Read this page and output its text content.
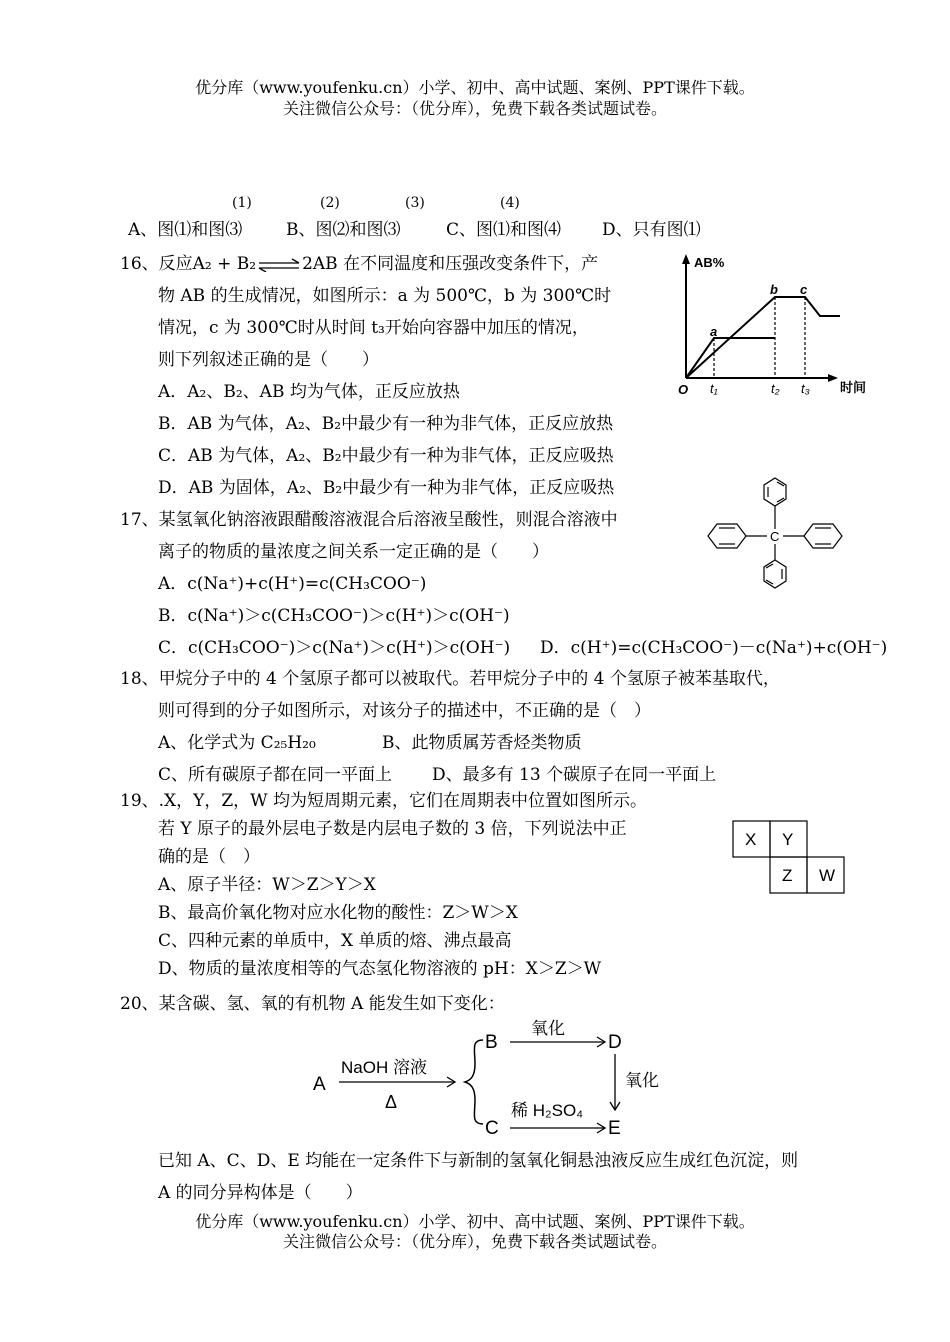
优分库（www.youfenku.cn）小学、初中、高中试题、案例、PPT课件下载。
关注微信公众号：（优分库），免费下载各类试题试卷。
(1)	(2)	(3)	(4)
A、图⑴和图⑶	B、图⑵和图⑶	C、图⑴和图⑷ D、只有图⑴
16、反应A₂ + B₂⇌2AB 在不同温度和压强改变条件下，产
物 AB 的生成情况，如图所示：a 为 500℃，b 为 300℃时
情况，c 为 300℃时从时间 t₃开始向容器中加压的情况，
则下列叙述正确的是（　　）
A．A₂、B₂、AB 均为气体，正反应放热
B．AB 为气体，A₂、B₂中最少有一种为非气体，正反应放热
C．AB 为气体，A₂、B₂中最少有一种为非气体，正反应吸热
D．AB 为固体，A₂、B₂中最少有一种为非气体，正反应吸热
AB%
时间
O
a
b c
t₁	t₂ t₃
17、某氢氧化钠溶液跟醋酸溶液混合后溶液呈酸性，则混合溶液中
离子的物质的量浓度之间关系一定正确的是（　　）
A．c(Na⁺)+c(H⁺)=c(CH₃COO⁻)
B．c(Na⁺)＞c(CH₃COO⁻)＞c(H⁺)＞c(OH⁻)
C．c(CH₃COO⁻)＞c(Na⁺)＞c(H⁺)＞c(OH⁻) D．c(H⁺)=c(CH₃COO⁻)－c(Na⁺)+c(OH⁻)
C
18、甲烷分子中的 4 个氢原子都可以被取代。若甲烷分子中的 4 个氢原子被苯基取代，
则可得到的分子如图所示，对该分子的描述中，不正确的是（　）
A、化学式为 C₂₅H₂₀	B、此物质属芳香烃类物质
C、所有碳原子都在同一平面上 D、最多有 13 个碳原子在同一平面上
19、.X，Y，Z，W 均为短周期元素，它们在周期表中位置如图所示。
若 Y 原子的最外层电子数是内层电子数的 3 倍，下列说法中正
确的是（　）
A、原子半径：W＞Z＞Y＞X
B、最高价氧化物对应水化物的酸性：Z＞W＞X
C、四种元素的单质中，X 单质的熔、沸点最高
D、物质的量浓度相等的气态氢化物溶液的 pH：X＞Z＞W
X Y
Z W
20、某含碳、氢、氧的有机物 A 能发生如下变化：
A
NaOH 溶液
Δ
B
C
氧化
D
氧化
稀 H₂SO₄
E
已知 A、C、D、E 均能在一定条件下与新制的氢氧化铜悬浊液反应生成红色沉淀，则
A 的同分异构体是（　　）
优分库（www.youfenku.cn）小学、初中、高中试题、案例、PPT课件下载。
关注微信公众号：（优分库），免费下载各类试题试卷。
